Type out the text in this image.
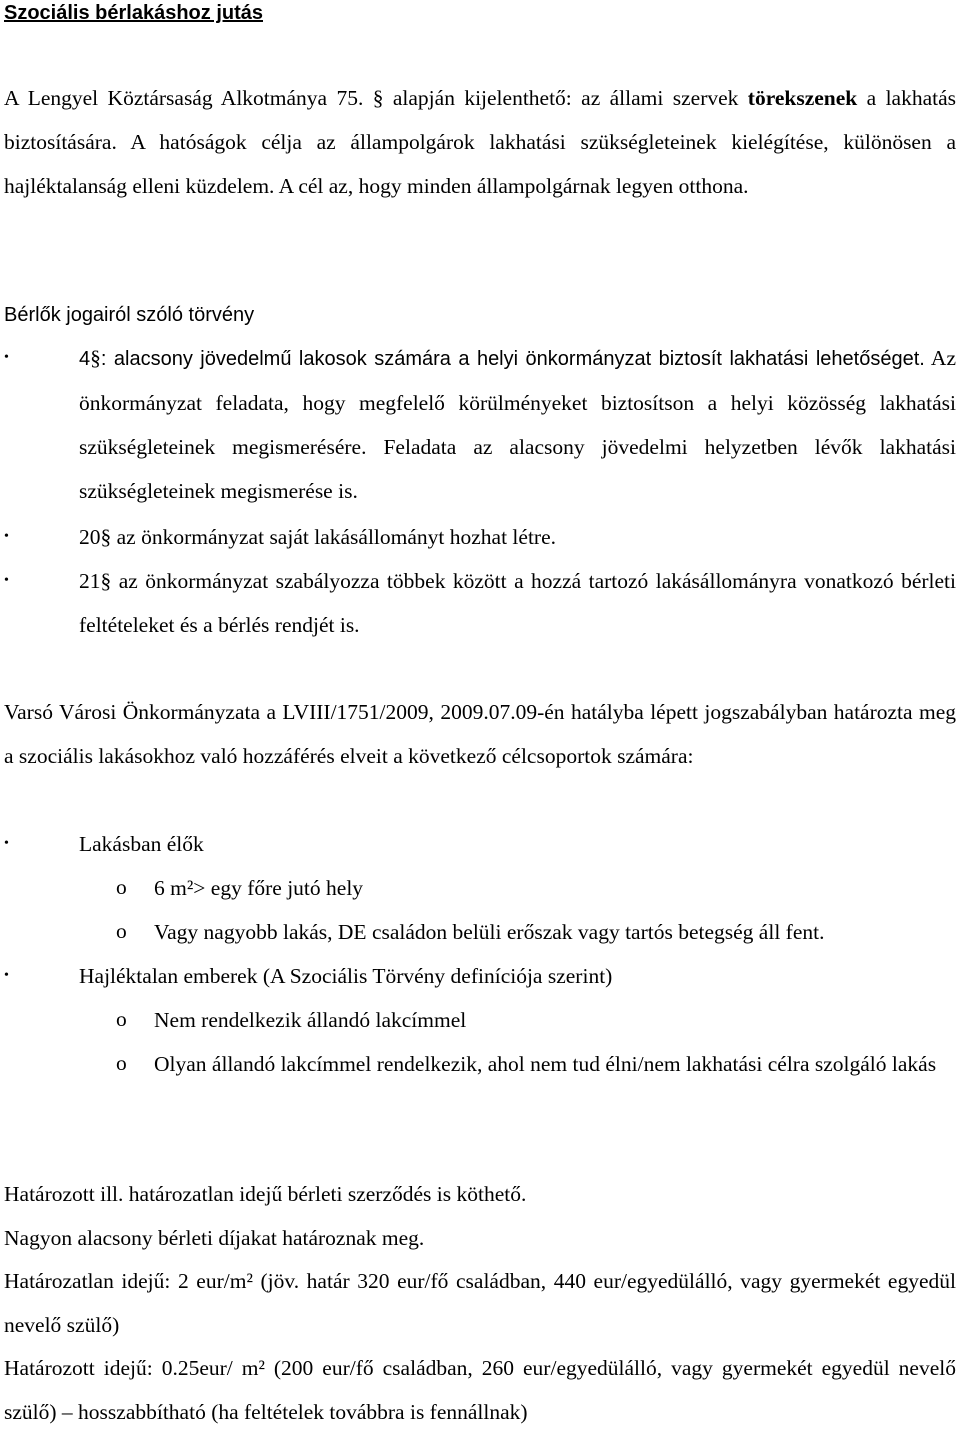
Szociális bérlakáshoz jutás
A Lengyel Köztársaság Alkotmánya 75. § alapján kijelenthető: az állami szervek törekszenek a lakhatás biztosítására. A hatóságok célja az állampolgárok lakhatási szükségleteinek kielégítése, különösen a hajléktalanság elleni küzdelem. A cél az, hogy minden állampolgárnak legyen otthona.
Bérlők jogairól szóló törvény
•	4§: alacsony jövedelmű lakosok számára a helyi önkormányzat biztosít lakhatási lehetőséget. Az önkormányzat feladata, hogy megfelelő körülményeket biztosítson a helyi közösség lakhatási szükségleteinek megismerésére. Feladata az alacsony jövedelmi helyzetben lévők lakhatási szükségleteinek megismerése is.
•	20§ az önkormányzat saját lakásállományt hozhat létre.
•	21§ az önkormányzat szabályozza többek között a hozzá tartozó lakásállományra vonatkozó bérleti feltételeket és a bérlés rendjét is.
Varsó Városi Önkormányzata a LVIII/1751/2009, 2009.07.09-én hatályba lépett jogszabályban határozta meg a szociális lakásokhoz való hozzáférés elveit a következő célcsoportok számára:
•	Lakásban élők
o 6 m²> egy főre jutó hely
o Vagy nagyobb lakás, DE családon belüli erőszak vagy tartós betegség áll fent.
•	Hajléktalan emberek (A Szociális Törvény definíciója szerint)
o Nem rendelkezik állandó lakcímmel
o Olyan állandó lakcímmel rendelkezik, ahol nem tud élni/nem lakhatási célra szolgáló lakás
Határozott ill. határozatlan idejű bérleti szerződés is köthető.
Nagyon alacsony bérleti díjakat határoznak meg.
Határozatlan idejű: 2 eur/m² (jöv. határ 320 eur/fő családban, 440 eur/egyedülálló, vagy gyermekét egyedül nevelő szülő)
Határozott idejű: 0.25eur/ m² (200 eur/fő családban, 260 eur/egyedülálló, vagy gyermekét egyedül nevelő szülő) – hosszabbítható (ha feltételek továbbra is fennállnak)
